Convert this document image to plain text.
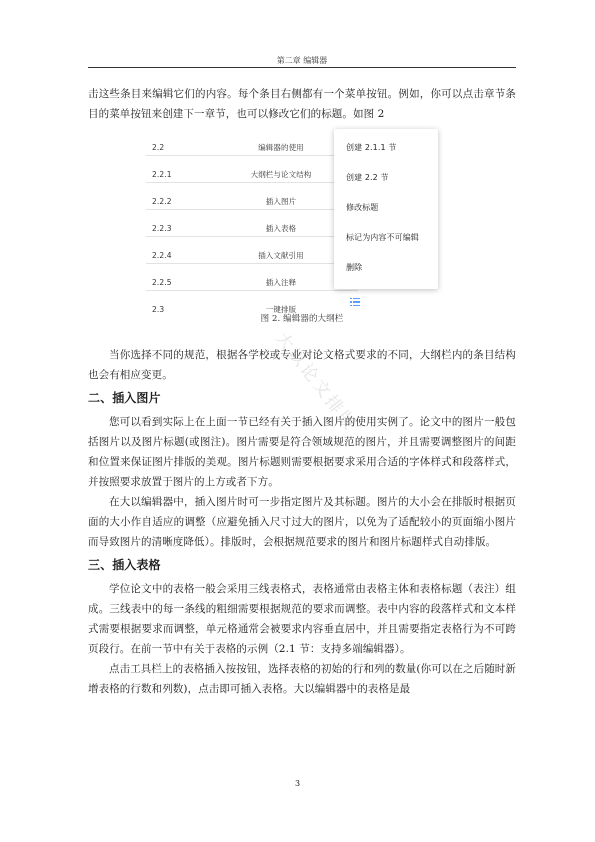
第二章 编辑器
大以论文排版

击这些条目来编辑它们的内容。每个条目右侧都有一个菜单按钮。例如，你可以点击章节条目的菜单按钮来创建下一章节，也可以修改它们的标题。如图 2

2.2	编辑器的使用
2.2.1	大纲栏与论文结构
2.2.2	插入图片
2.2.3	插入表格
2.2.4	插入文献引用
2.2.5	插入注释
2.3	一键排版
创建 2.1.1 节
创建 2.2 节
修改标题
标记为内容不可编辑
删除

图 2. 编辑器的大纲栏

当你选择不同的规范，根据各学校或专业对论文格式要求的不同，大纲栏内的条目结构也会有相应变更。

二、插入图片

您可以看到实际上在上面一节已经有关于插入图片的使用实例了。论文中的图片一般包括图片以及图片标题(或图注)。图片需要是符合领域规范的图片，并且需要调整图片的间距和位置来保证图片排版的美观。图片标题则需要根据要求采用合适的字体样式和段落样式，并按照要求放置于图片的上方或者下方。

在大以编辑器中，插入图片时可一步指定图片及其标题。图片的大小会在排版时根据页面的大小作自适应的调整（应避免插入尺寸过大的图片，以免为了适配较小的页面缩小图片而导致图片的清晰度降低）。排版时，会根据规范要求的图片和图片标题样式自动排版。

三、插入表格

学位论文中的表格一般会采用三线表格式，表格通常由表格主体和表格标题（表注）组成。三线表中的每一条线的粗细需要根据规范的要求而调整。表中内容的段落样式和文本样式需要根据要求而调整，单元格通常会被要求内容垂直居中，并且需要指定表格行为不可跨页段行。在前一节中有关于表格的示例（2.1 节：支持多端编辑器）。

点击工具栏上的表格插入按按钮，选择表格的初始的行和列的数量(你可以在之后随时新增表格的行数和列数)，点击即可插入表格。大以编辑器中的表格是最

3
